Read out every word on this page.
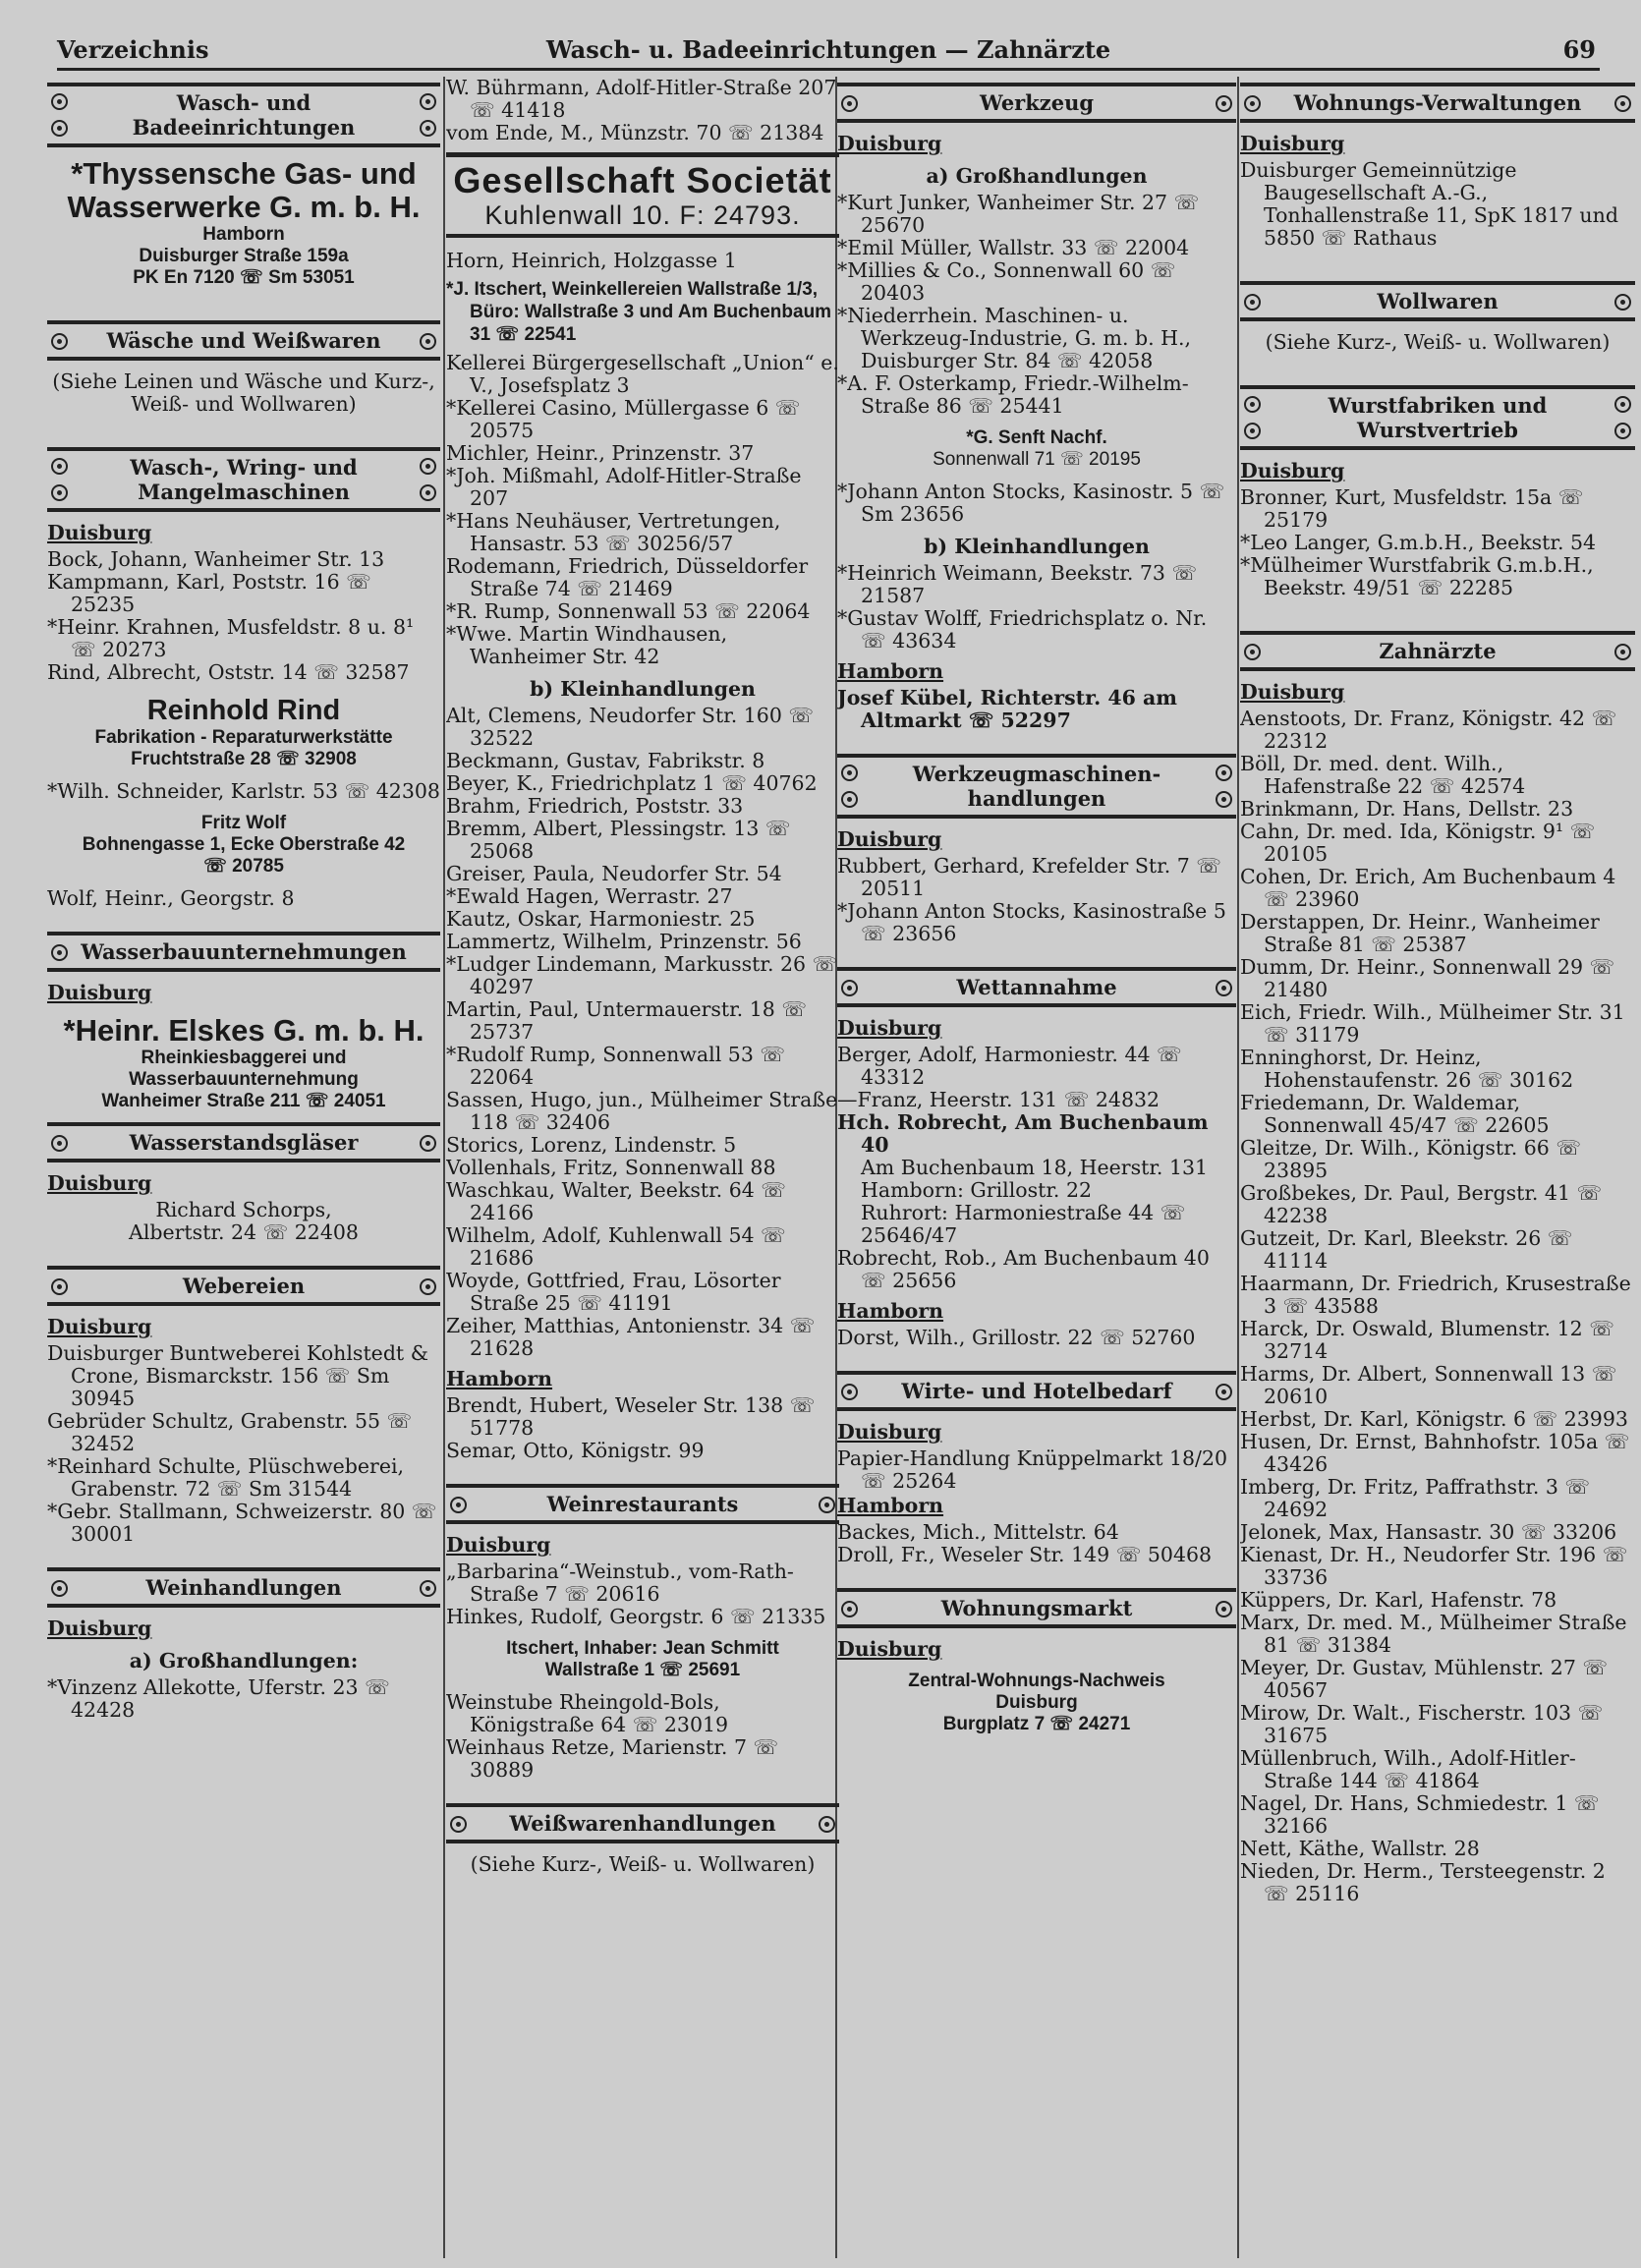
Verzeichnis	Wasch- u. Badeeinrichtungen — Zahnärzte	69
Wasch- und Badeeinrichtungen
*Thyssensche Gas- und
Wasserwerke G. m. b. H.
Hamborn
Duisburger Straße 159a
PK En 7120 ☏ Sm 53051
Wäsche und Weißwaren
(Siehe Leinen und Wäsche und Kurz-, Weiß- und Wollwaren)
Wasch-, Wring- und Mangelmaschinen
Duisburg
Bock, Johann, Wanheimer Str. 13
Kampmann, Karl, Poststr. 16 ☏ 25235
*Heinr. Krahnen, Musfeldstr. 8 u. 8¹ ☏ 20273
Rind, Albrecht, Oststr. 14 ☏ 32587
Reinhold Rind
Fabrikation - Reparaturwerkstätte
Fruchtstraße 28 ☏ 32908
*Wilh. Schneider, Karlstr. 53 ☏ 42308
Fritz Wolf
Bohnengasse 1, Ecke Oberstraße 42
☏ 20785
Wolf, Heinr., Georgstr. 8
Wasserbauunternehmungen
Duisburg
*Heinr. Elskes G. m. b. H.
Rheinkiesbaggerei und
Wasserbauunternehmung
Wanheimer Straße 211 ☏ 24051
Wasserstandsgläser
Duisburg
Richard Schorps,
Albertstr. 24 ☏ 22408
Webereien
Duisburg
Duisburger Buntweberei Kohlstedt & Crone, Bismarckstr. 156 ☏ Sm 30945
Gebrüder Schultz, Grabenstr. 55 ☏ 32452
*Reinhard Schulte, Plüschweberei, Grabenstr. 72 ☏ Sm 31544
*Gebr. Stallmann, Schweizerstr. 80 ☏ 30001
Weinhandlungen
Duisburg
a) Großhandlungen:
*Vinzenz Allekotte, Uferstr. 23 ☏ 42428
W. Bührmann, Adolf-Hitler-Straße 207 ☏ 41418
vom Ende, M., Münzstr. 70 ☏ 21384
Gesellschaft Societät
Kuhlenwall 10. F: 24793.
Horn, Heinrich, Holzgasse 1
*J. Itschert, Weinkellereien Wallstraße 1/3, Büro: Wallstraße 3 und Am Buchenbaum 31 ☏ 22541
Kellerei Bürgergesellschaft „Union“ e. V., Josefsplatz 3
*Kellerei Casino, Müllergasse 6 ☏ 20575
Michler, Heinr., Prinzenstr. 37
*Joh. Mißmahl, Adolf-Hitler-Straße 207
*Hans Neuhäuser, Vertretungen, Hansastr. 53 ☏ 30256/57
Rodemann, Friedrich, Düsseldorfer Straße 74 ☏ 21469
*R. Rump, Sonnenwall 53 ☏ 22064
*Wwe. Martin Windhausen, Wanheimer Str. 42
b) Kleinhandlungen
Alt, Clemens, Neudorfer Str. 160 ☏ 32522
Beckmann, Gustav, Fabrikstr. 8
Beyer, K., Friedrichplatz 1 ☏ 40762
Brahm, Friedrich, Poststr. 33
Bremm, Albert, Plessingstr. 13 ☏ 25068
Greiser, Paula, Neudorfer Str. 54
*Ewald Hagen, Werrastr. 27
Kautz, Oskar, Harmoniestr. 25
Lammertz, Wilhelm, Prinzenstr. 56
*Ludger Lindemann, Markusstr. 26 ☏ 40297
Martin, Paul, Untermauerstr. 18 ☏ 25737
*Rudolf Rump, Sonnenwall 53 ☏ 22064
Sassen, Hugo, jun., Mülheimer Straße 118 ☏ 32406
Storics, Lorenz, Lindenstr. 5
Vollenhals, Fritz, Sonnenwall 88
Waschkau, Walter, Beekstr. 64 ☏ 24166
Wilhelm, Adolf, Kuhlenwall 54 ☏ 21686
Woyde, Gottfried, Frau, Lösorter Straße 25 ☏ 41191
Zeiher, Matthias, Antonienstr. 34 ☏ 21628
Hamborn
Brendt, Hubert, Weseler Str. 138 ☏ 51778
Semar, Otto, Königstr. 99
Weinrestaurants
Duisburg
„Barbarina“-Weinstub., vom-Rath-Straße 7 ☏ 20616
Hinkes, Rudolf, Georgstr. 6 ☏ 21335
Itschert, Inhaber: Jean Schmitt
Wallstraße 1 ☏ 25691
Weinstube Rheingold-Bols, Königstraße 64 ☏ 23019
Weinhaus Retze, Marienstr. 7 ☏ 30889
Weißwarenhandlungen
(Siehe Kurz-, Weiß- u. Wollwaren)
Werkzeug
Duisburg
a) Großhandlungen
*Kurt Junker, Wanheimer Str. 27 ☏ 25670
*Emil Müller, Wallstr. 33 ☏ 22004
*Millies & Co., Sonnenwall 60 ☏ 20403
*Niederrhein. Maschinen- u. Werkzeug-Industrie, G. m. b. H., Duisburger Str. 84 ☏ 42058
*A. F. Osterkamp, Friedr.-Wilhelm-Straße 86 ☏ 25441
*G. Senft Nachf.
Sonnenwall 71 ☏ 20195
*Johann Anton Stocks, Kasinostr. 5 ☏ Sm 23656
b) Kleinhandlungen
*Heinrich Weimann, Beekstr. 73 ☏ 21587
*Gustav Wolff, Friedrichsplatz o. Nr. ☏ 43634
Hamborn
Josef Kübel, Richterstr. 46 am Altmarkt ☏ 52297
Werkzeugmaschinen-handlungen
Duisburg
Rubbert, Gerhard, Krefelder Str. 7 ☏ 20511
*Johann Anton Stocks, Kasinostraße 5 ☏ 23656
Wettannahme
Duisburg
Berger, Adolf, Harmoniestr. 44 ☏ 43312
—Franz, Heerstr. 131 ☏ 24832
Hch. Robrecht, Am Buchenbaum 40
Am Buchenbaum 18, Heerstr. 131
Hamborn: Grillostr. 22
Ruhrort: Harmoniestraße 44 ☏ 25646/47
Robrecht, Rob., Am Buchenbaum 40 ☏ 25656
Hamborn
Dorst, Wilh., Grillostr. 22 ☏ 52760
Wirte- und Hotelbedarf
Duisburg
Papier-Handlung Knüppelmarkt 18/20 ☏ 25264
Hamborn
Backes, Mich., Mittelstr. 64
Droll, Fr., Weseler Str. 149 ☏ 50468
Wohnungsmarkt
Duisburg
Zentral-Wohnungs-Nachweis
Duisburg
Burgplatz 7 ☏ 24271
Wohnungs-Verwaltungen
Duisburg
Duisburger Gemeinnützige Baugesellschaft A.-G., Tonhallenstraße 11, SpK 1817 und 5850 ☏ Rathaus
Wollwaren
(Siehe Kurz-, Weiß- u. Wollwaren)
Wurstfabriken und Wurstvertrieb
Duisburg
Bronner, Kurt, Musfeldstr. 15a ☏ 25179
*Leo Langer, G.m.b.H., Beekstr. 54
*Mülheimer Wurstfabrik G.m.b.H., Beekstr. 49/51 ☏ 22285
Zahnärzte
Duisburg
Aenstoots, Dr. Franz, Königstr. 42 ☏ 22312
Böll, Dr. med. dent. Wilh., Hafenstraße 22 ☏ 42574
Brinkmann, Dr. Hans, Dellstr. 23
Cahn, Dr. med. Ida, Königstr. 9¹ ☏ 20105
Cohen, Dr. Erich, Am Buchenbaum 4 ☏ 23960
Derstappen, Dr. Heinr., Wanheimer Straße 81 ☏ 25387
Dumm, Dr. Heinr., Sonnenwall 29 ☏ 21480
Eich, Friedr. Wilh., Mülheimer Str. 31 ☏ 31179
Enninghorst, Dr. Heinz, Hohenstaufenstr. 26 ☏ 30162
Friedemann, Dr. Waldemar, Sonnenwall 45/47 ☏ 22605
Gleitze, Dr. Wilh., Königstr. 66 ☏ 23895
Großbekes, Dr. Paul, Bergstr. 41 ☏ 42238
Gutzeit, Dr. Karl, Bleekstr. 26 ☏ 41114
Haarmann, Dr. Friedrich, Krusestraße 3 ☏ 43588
Harck, Dr. Oswald, Blumenstr. 12 ☏ 32714
Harms, Dr. Albert, Sonnenwall 13 ☏ 20610
Herbst, Dr. Karl, Königstr. 6 ☏ 23993
Husen, Dr. Ernst, Bahnhofstr. 105a ☏ 43426
Imberg, Dr. Fritz, Paffrathstr. 3 ☏ 24692
Jelonek, Max, Hansastr. 30 ☏ 33206
Kienast, Dr. H., Neudorfer Str. 196 ☏ 33736
Küppers, Dr. Karl, Hafenstr. 78
Marx, Dr. med. M., Mülheimer Straße 81 ☏ 31384
Meyer, Dr. Gustav, Mühlenstr. 27 ☏ 40567
Mirow, Dr. Walt., Fischerstr. 103 ☏ 31675
Müllenbruch, Wilh., Adolf-Hitler-Straße 144 ☏ 41864
Nagel, Dr. Hans, Schmiedestr. 1 ☏ 32166
Nett, Käthe, Wallstr. 28
Nieden, Dr. Herm., Tersteegenstr. 2 ☏ 25116
